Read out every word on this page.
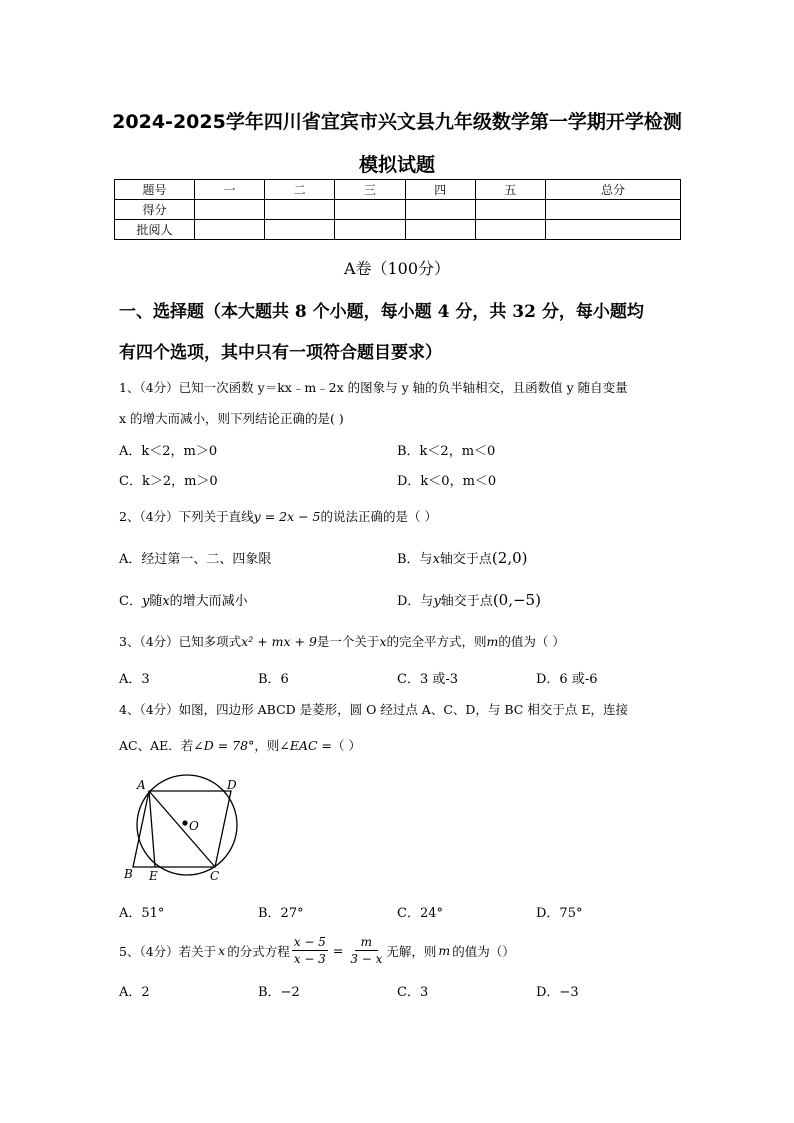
2024-2025学年四川省宜宾市兴文县九年级数学第一学期开学检测
模拟试题
题号	一	二	三	四	五	总分
得分						
批阅人						
A卷（100分）
一、选择题（本大题共 8 个小题，每小题 4 分，共 32 分，每小题均
有四个选项，其中只有一项符合题目要求）
1、（4分）已知一次函数 y＝kx﹣m﹣2x 的图象与 y 轴的负半轴相交，且函数值 y 随自变量
x 的增大而减小，则下列结论正确的是( )
A．k＜2，m＞0	B．k＜2，m＜0
C．k＞2，m＞0	D．k＜0，m＜0
2、（4分）下列关于直线y = 2x − 5的说法正确的是（ ）
A．经过第一、二、四象限	B．与x轴交于点(2,0)
C．y随x的增大而减小	D．与y轴交于点(0,−5)
3、（4分）已知多项式x² + mx + 9是一个关于x的完全平方式，则m的值为（ ）
A．3	B．6	C．3 或-3	D．6 或-6
4、（4分）如图，四边形 ABCD 是菱形，圆 O 经过点 A、C、D，与 BC 相交于点 E，连接
AC、AE．若∠D = 78°，则∠EAC =（ ）
A	D
O
B E	C
A．51°	B．27°	C．24°	D．75°
5、（4分）若关于 x 的分式方程 $\frac{x - 5}{x - 3} = \frac{m}{3 - x}$ 无解，则 m 的值为（）
A．2	B．−2	C．3	D．−3
